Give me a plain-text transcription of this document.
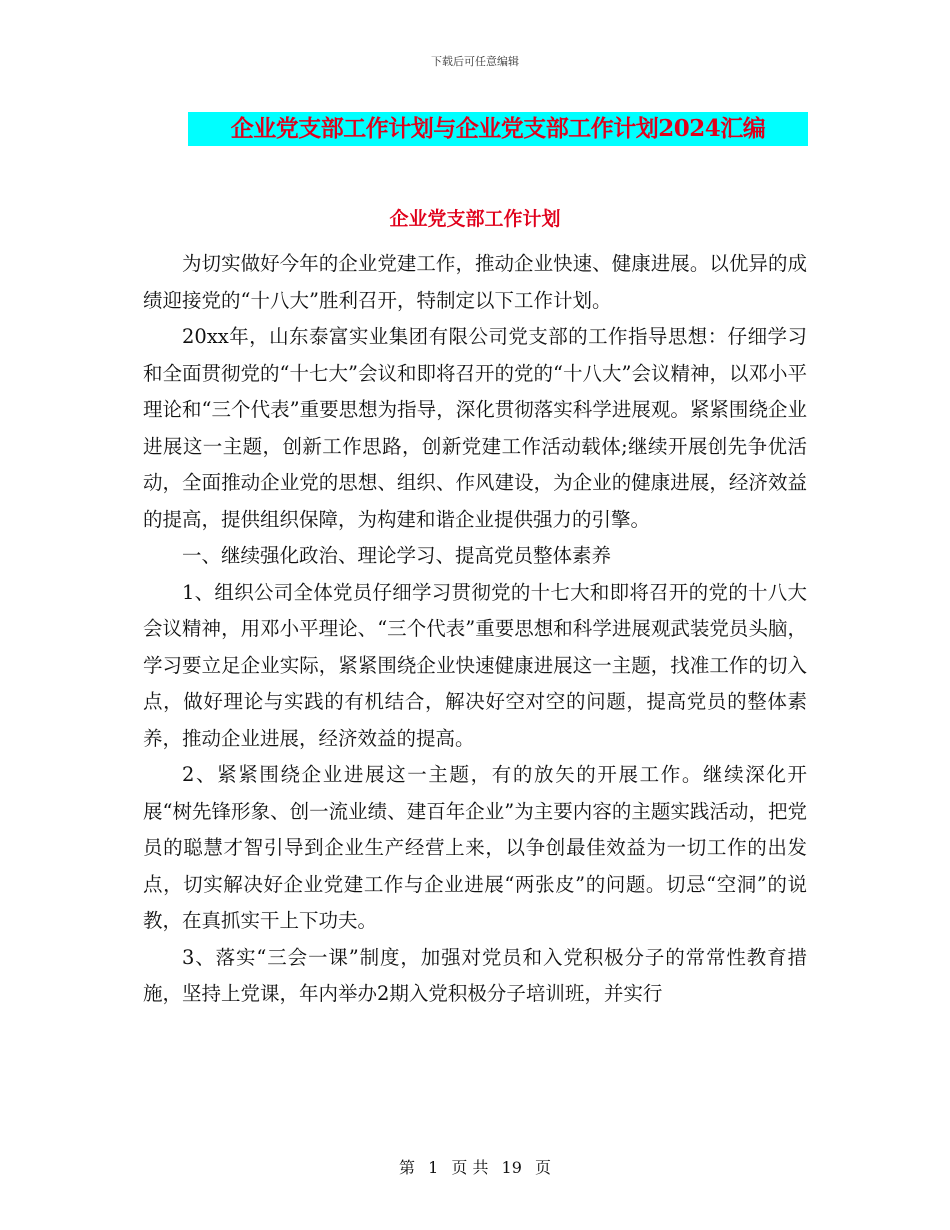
下载后可任意编辑
企业党支部工作计划与企业党支部工作计划2024汇编
企业党支部工作计划

为切实做好今年的企业党建工作，推动企业快速、健康进展。以优异的成绩迎接党的“十八大”胜利召开，特制定以下工作计划。

20xx年，山东泰富实业集团有限公司党支部的工作指导思想：仔细学习和全面贯彻党的“十七大”会议和即将召开的党的“十八大”会议精神，以邓小平理论和“三个代表”重要思想为指导，深化贯彻落实科学进展观。紧紧围绕企业进展这一主题，创新工作思路，创新党建工作活动载体;继续开展创先争优活动，全面推动企业党的思想、组织、作风建设，为企业的健康进展，经济效益的提高，提供组织保障，为构建和谐企业提供强力的引擎。

一、继续强化政治、理论学习、提高党员整体素养

1、组织公司全体党员仔细学习贯彻党的十七大和即将召开的党的十八大会议精神，用邓小平理论、“三个代表”重要思想和科学进展观武装党员头脑，学习要立足企业实际，紧紧围绕企业快速健康进展这一主题，找准工作的切入点，做好理论与实践的有机结合，解决好空对空的问题，提高党员的整体素养，推动企业进展，经济效益的提高。

2、紧紧围绕企业进展这一主题，有的放矢的开展工作。继续深化开展“树先锋形象、创一流业绩、建百年企业”为主要内容的主题实践活动，把党员的聪慧才智引导到企业生产经营上来，以争创最佳效益为一切工作的出发点，切实解决好企业党建工作与企业进展“两张皮”的问题。切忌“空洞”的说教，在真抓实干上下功夫。

3、落实“三会一课”制度，加强对党员和入党积极分子的常常性教育措施，坚持上党课，年内举办2期入党积极分子培训班，并实行

第 1 页 共 19 页
